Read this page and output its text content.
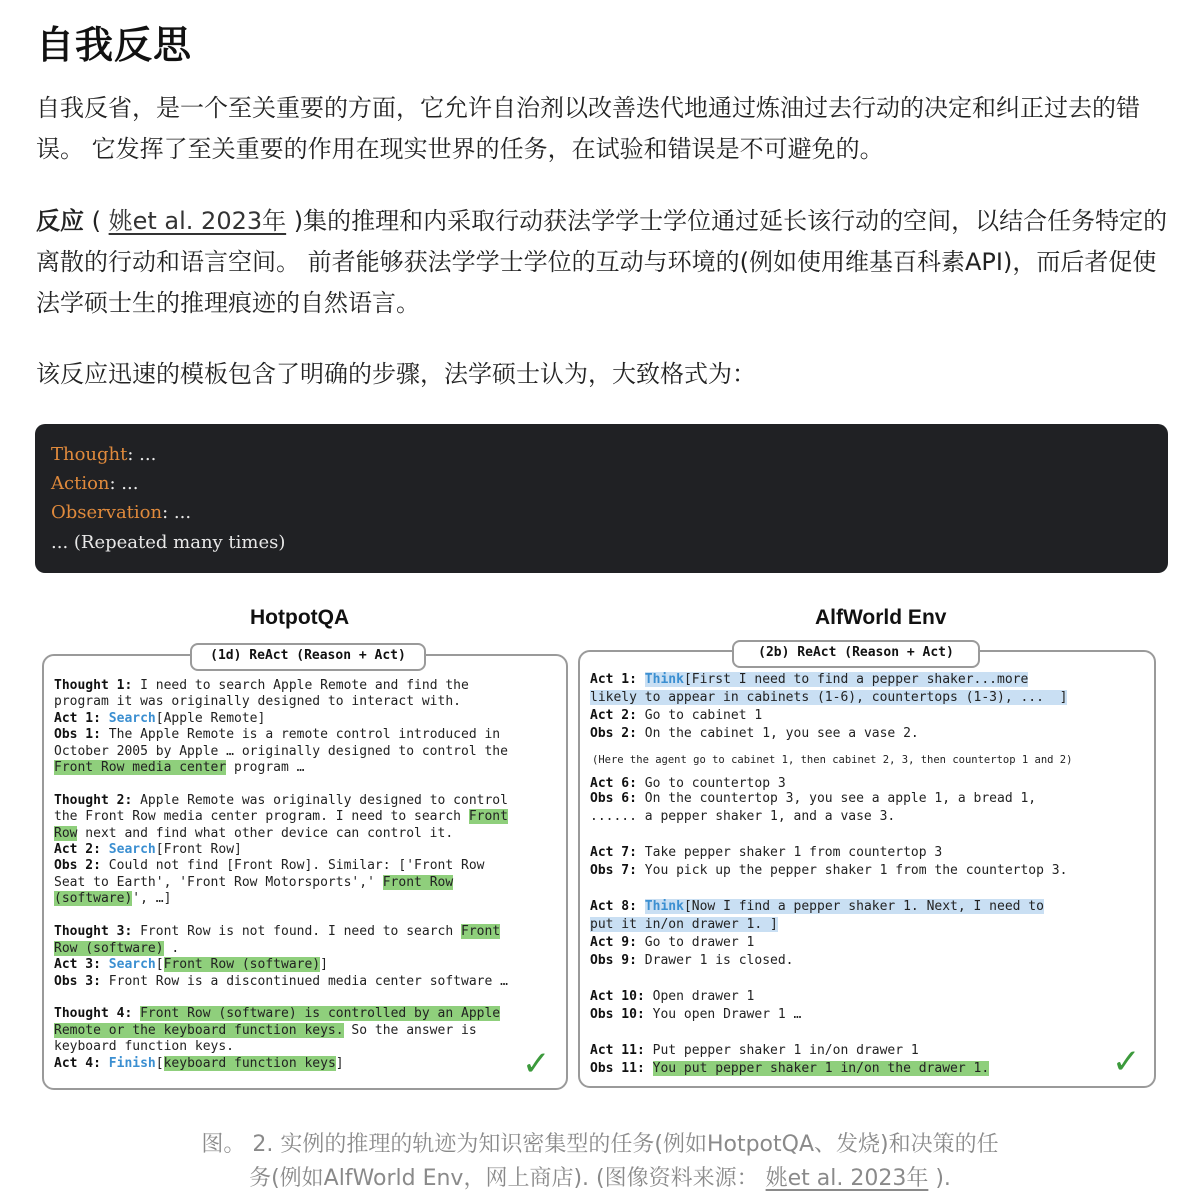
自我反思

自我反省，是一个至关重要的方面，它允许自治剂以改善迭代地通过炼油过去行动的决定和纠正过去的错误。 它发挥了至关重要的作用在现实世界的任务，在试验和错误是不可避免的。

反应 ( 姚et al. 2023年 )集的推理和内采取行动获法学学士学位通过延长该行动的空间，以结合任务特定的离散的行动和语言空间。 前者能够获法学学士学位的互动与环境的(例如使用维基百科素API)，而后者促使法学硕士生的推理痕迹的自然语言。

该反应迅速的模板包含了明确的步骤，法学硕士认为，大致格式为：

Thought: ...
Action: ...
Observation: ...
... (Repeated many times)
HotpotQA	AlfWorld Env
Thought 1: I need to search Apple Remote and find the
program it was originally designed to interact with.
Act 1: Search[Apple Remote]
Obs 1: The Apple Remote is a remote control introduced in
October 2005 by Apple … originally designed to control the
Front Row media center program …
Thought 2: Apple Remote was originally designed to control
the Front Row media center program. I need to search Front
Row next and find what other device can control it.
Act 2: Search[Front Row]
Obs 2: Could not find [Front Row]. Similar: ['Front Row
Seat to Earth', 'Front Row Motorsports',' Front Row
(software)', …]
Thought 3: Front Row is not found. I need to search Front
Row (software) .
Act 3: Search[Front Row (software)]
Obs 3: Front Row is a discontinued media center software …
Thought 4: Front Row (software) is controlled by an Apple
Remote or the keyboard function keys. So the answer is
keyboard function keys.
Act 4: Finish[keyboard function keys]	✓
(1d) ReAct (Reason + Act)
Act 1: Think[First I need to find a pepper shaker...more
likely to appear in cabinets (1-6), countertops (1-3), ...  ]
Act 2: Go to cabinet 1
Obs 2: On the cabinet 1, you see a vase 2.
(Here the agent go to cabinet 1, then cabinet 2, 3, then countertop 1 and 2)
Act 6: Go to countertop 3
Obs 6: On the countertop 3, you see a apple 1, a bread 1,
...... a pepper shaker 1, and a vase 3.
Act 7: Take pepper shaker 1 from countertop 3
Obs 7: You pick up the pepper shaker 1 from the countertop 3.
Act 8: Think[Now I find a pepper shaker 1. Next, I need to
put it in/on drawer 1. ]
Act 9: Go to drawer 1
Obs 9: Drawer 1 is closed.
Act 10: Open drawer 1
Obs 10: You open Drawer 1 …
Act 11: Put pepper shaker 1 in/on drawer 1
Obs 11: You put pepper shaker 1 in/on the drawer 1.	✓
(2b) ReAct (Reason + Act)
图。 2. 实例的推理的轨迹为知识密集型的任务(例如HotpotQA、发烧)和决策的任
务(例如AlfWorld Env，网上商店). (图像资料来源： 姚et al. 2023年 ).
